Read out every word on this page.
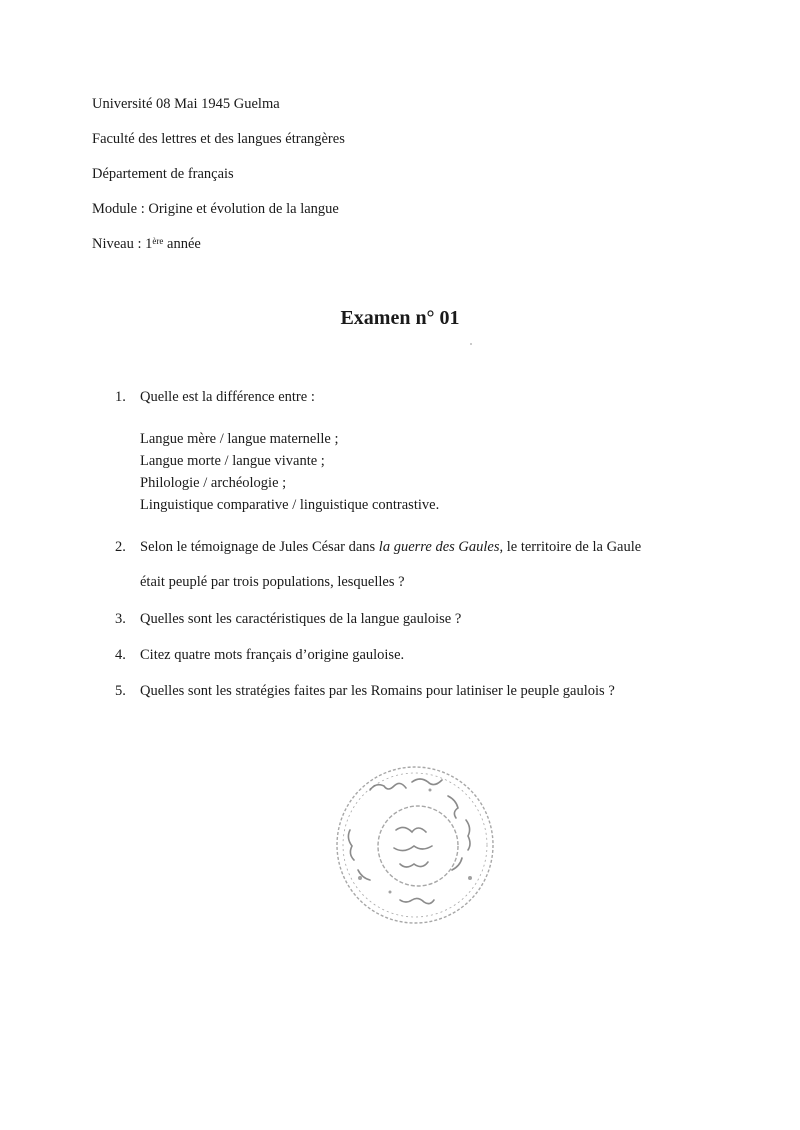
Université 08 Mai 1945 Guelma
Faculté des lettres et des langues étrangères
Département de français
Module : Origine et évolution de la langue
Niveau : 1ère année
Examen n° 01
1. Quelle est la différence entre :
Langue mère / langue maternelle ;
Langue morte / langue vivante ;
Philologie / archéologie ;
Linguistique comparative / linguistique contrastive.
2. Selon le témoignage de Jules César dans la guerre des Gaules, le territoire de la Gaule
était peuplé par trois populations, lesquelles ?
3. Quelles sont les caractéristiques de la langue gauloise ?
4. Citez quatre mots français d’origine gauloise.
5. Quelles sont les stratégies faites par les Romains pour latiniser le peuple gaulois ?
